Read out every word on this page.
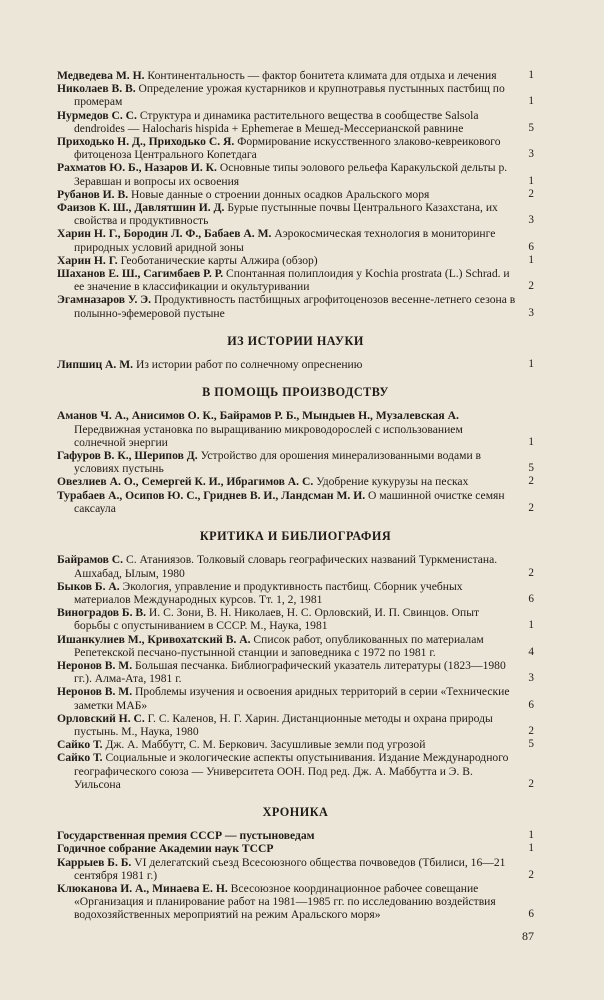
Медведева М. Н. Континентальность — фактор бонитета климата для отдыха и лечения	1

Николаев В. В. Определение урожая кустарников и крупнотравья пустынных пастбищ по промерам	1

Нурмедов С. С. Структура и динамика растительного вещества в сообществе Salsola dendroides — Halocharis hispida + Ephemerae в Мешед-Мессерианской равнине	5

Приходько Н. Д., Приходько С. Я. Формирование искусственного злаково-кевреикового фитоценоза Центрального Копетдага	3

Рахматов Ю. Б., Назаров И. К. Основные типы эолового рельефа Каракульской дельты р. Зеравшан и вопросы их освоения	1

Рубанов И. В. Новые данные о строении донных осадков Аральского моря	2

Фаизов К. Ш., Давлятшин И. Д. Бурые пустынные почвы Центрального Казахстана, их свойства и продуктивность	3

Харин Н. Г., Бородин Л. Ф., Бабаев А. М. Аэрокосмическая технология в мониторинге природных условий аридной зоны	6

Харин Н. Г. Геоботанические карты Алжира (обзор)	1

Шаханов Е. Ш., Сагимбаев Р. Р. Спонтанная полиплоидия у Kochia prostrata (L.) Schrad. и ее значение в классификации и окультуривании	2

Эгамназаров У. Э. Продуктивность пастбищных агрофитоценозов весенне-летнего сезона в полынно-эфемеровой пустыне	3

ИЗ ИСТОРИИ НАУКИ

Липшиц А. М. Из истории работ по солнечному опреснению	1

В ПОМОЩЬ ПРОИЗВОДСТВУ

Аманов Ч. А., Анисимов О. К., Байрамов Р. Б., Мындыев Н., Музалевская А. Передвижная установка по выращиванию микроводорослей с использованием солнечной энергии	1

Гафуров В. К., Шерипов Д. Устройство для орошения минерализованными водами в условиях пустынь	5

Овезлиев А. О., Семергей К. И., Ибрагимов А. С. Удобрение кукурузы на песках	2

Турабаев А., Осипов Ю. С., Гриднев В. И., Ландсман М. И. О машинной очистке семян саксаула	2

КРИТИКА И БИБЛИОГРАФИЯ

Байрамов С. С. Атаниязов. Толковый словарь географических названий Туркменистана. Ашхабад, Ылым, 1980	2

Быков Б. А. Экология, управление и продуктивность пастбищ. Сборник учебных материалов Международных курсов. Тт. 1, 2, 1981	6

Виноградов Б. В. И. С. Зони, В. Н. Николаев, Н. С. Орловский, И. П. Свинцов. Опыт борьбы с опустыниванием в СССР. М., Наука, 1981	1

Ишанкулиев М., Кривохатский В. А. Список работ, опубликованных по материалам Репетекской песчано-пустынной станции и заповедника с 1972 по 1981 г.	4

Неронов В. М. Большая песчанка. Библиографический указатель литературы (1823—1980 гг.). Алма-Ата, 1981 г.	3

Неронов В. М. Проблемы изучения и освоения аридных территорий в серии «Технические заметки МАБ»	6

Орловский Н. С. Г. С. Каленов, Н. Г. Харин. Дистанционные методы и охрана природы пустынь. М., Наука, 1980	2

Сайко Т. Дж. А. Маббутт, С. М. Беркович. Засушливые земли под угрозой	5

Сайко Т. Социальные и экологические аспекты опустынивания. Издание Международного географического союза — Университета ООН. Под ред. Дж. А. Маббутта и Э. В. Уильсона	2

ХРОНИКА

Государственная премия СССР — пустыноведам	1

Годичное собрание Академии наук ТССР	1

Каррыев Б. Б. VI делегатский съезд Всесоюзного общества почвоведов (Тбилиси, 16—21 сентября 1981 г.)	2

Клюканова И. А., Минаева Е. Н. Всесоюзное координационное рабочее совещание «Организация и планирование работ на 1981—1985 гг. по исследованию воздействия водохозяйственных мероприятий на режим Аральского моря»	6

87
